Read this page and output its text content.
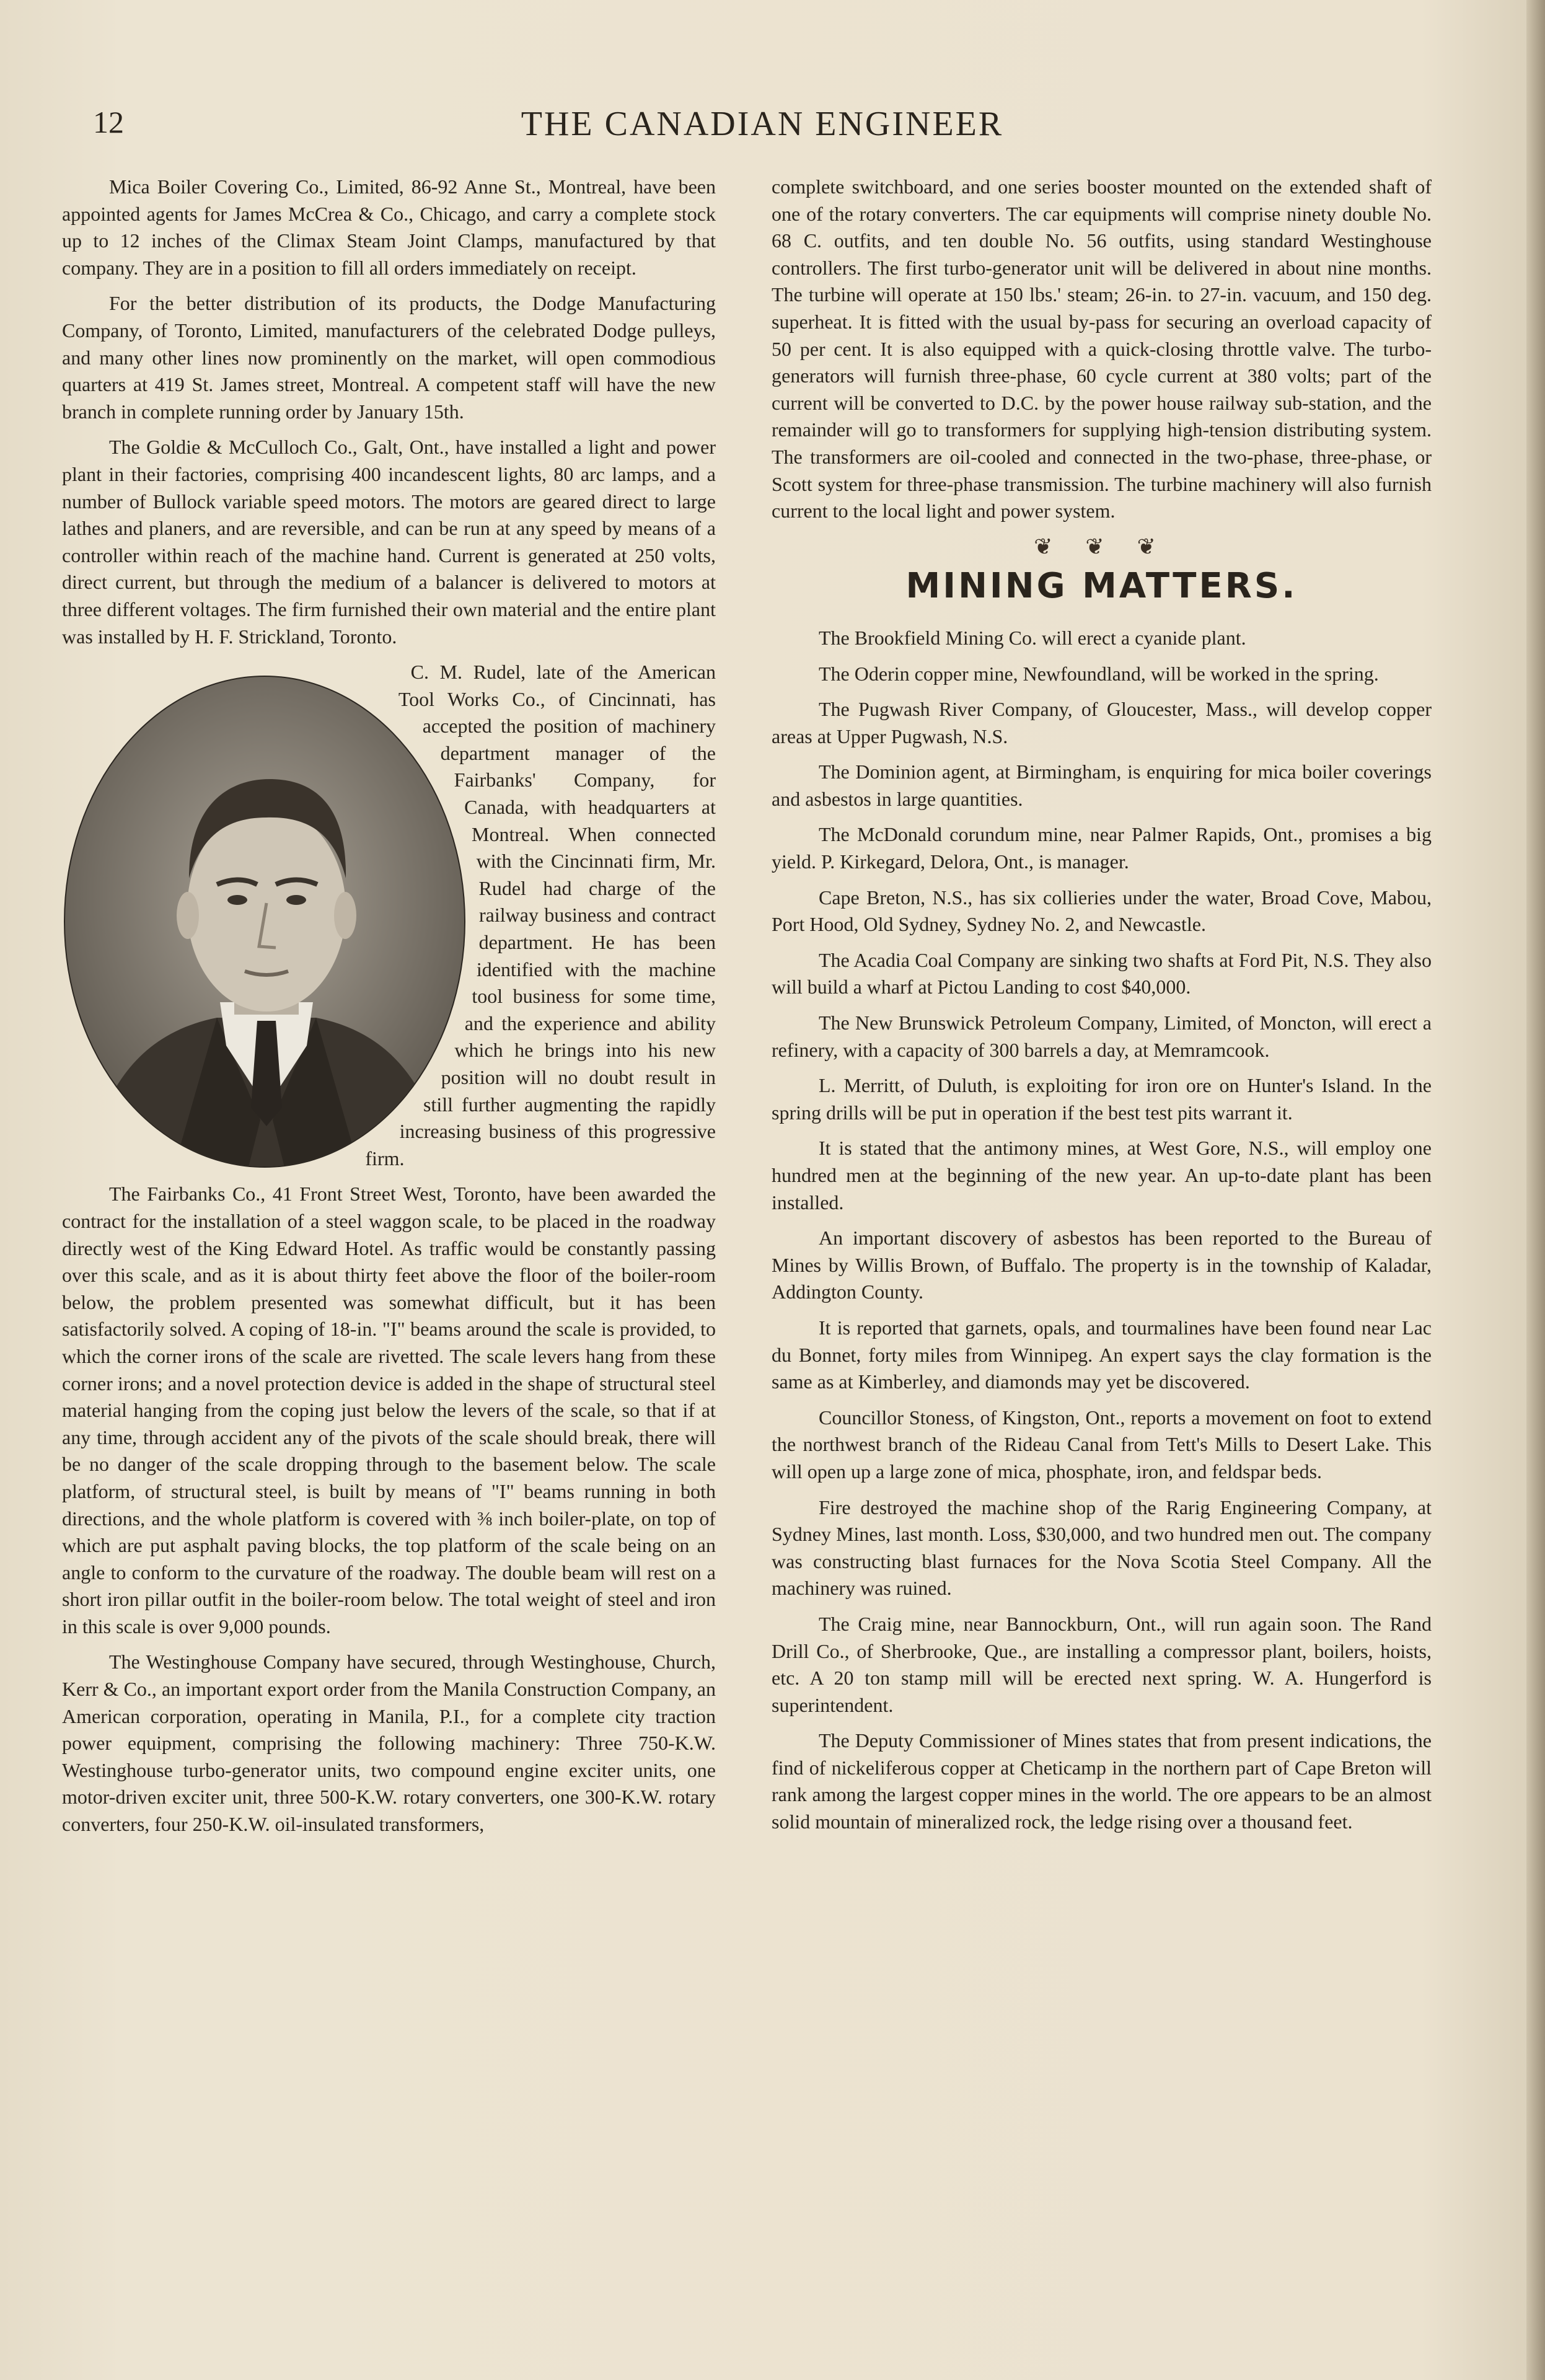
12	THE CANADIAN ENGINEER

Mica Boiler Covering Co., Limited, 86-92 Anne St., Montreal, have been appointed agents for James McCrea & Co., Chicago, and carry a complete stock up to 12 inches of the Climax Steam Joint Clamps, manufactured by that company. They are in a position to fill all orders immediately on receipt.

For the better distribution of its products, the Dodge Manufacturing Company, of Toronto, Limited, manufacturers of the celebrated Dodge pulleys, and many other lines now prominently on the market, will open commodious quarters at 419 St. James street, Montreal. A competent staff will have the new branch in complete running order by January 15th.

The Goldie & McCulloch Co., Galt, Ont., have installed a light and power plant in their factories, comprising 400 incandescent lights, 80 arc lamps, and a number of Bullock variable speed motors. The motors are geared direct to large lathes and planers, and are reversible, and can be run at any speed by means of a controller within reach of the machine hand. Current is generated at 250 volts, direct current, but through the medium of a balancer is delivered to motors at three different voltages. The firm furnished their own material and the entire plant was installed by H. F. Strickland, Toronto.

C. M. Rudel, late of the American Tool Works Co., of Cincinnati, has accepted the position of machinery department manager of the Fairbanks' Company, for Canada, with headquarters at Montreal. When connected with the Cincinnati firm, Mr. Rudel had charge of the railway business and contract department. He has been identified with the machine tool business for some time, and the experience and ability which he brings into his new position will no doubt result in still further augmenting the rapidly increasing business of this progressive firm.

The Fairbanks Co., 41 Front Street West, Toronto, have been awarded the contract for the installation of a steel waggon scale, to be placed in the roadway directly west of the King Edward Hotel. As traffic would be constantly passing over this scale, and as it is about thirty feet above the floor of the boiler-room below, the problem presented was somewhat difficult, but it has been satisfactorily solved. A coping of 18-in. "I" beams around the scale is provided, to which the corner irons of the scale are rivetted. The scale levers hang from these corner irons; and a novel protection device is added in the shape of structural steel material hanging from the coping just below the levers of the scale, so that if at any time, through accident any of the pivots of the scale should break, there will be no danger of the scale dropping through to the basement below. The scale platform, of structural steel, is built by means of "I" beams running in both directions, and the whole platform is covered with ⅜ inch boiler-plate, on top of which are put asphalt paving blocks, the top platform of the scale being on an angle to conform to the curvature of the roadway. The double beam will rest on a short iron pillar outfit in the boiler-room below. The total weight of steel and iron in this scale is over 9,000 pounds.

The Westinghouse Company have secured, through Westinghouse, Church, Kerr & Co., an important export order from the Manila Construction Company, an American corporation, operating in Manila, P.I., for a complete city traction power equipment, comprising the following machinery: Three 750-K.W. Westinghouse turbo-generator units, two compound engine exciter units, one motor-driven exciter unit, three 500-K.W. rotary converters, one 300-K.W. rotary converters, four 250-K.W. oil-insulated transformers,

complete switchboard, and one series booster mounted on the extended shaft of one of the rotary converters. The car equipments will comprise ninety double No. 68 C. outfits, and ten double No. 56 outfits, using standard Westinghouse controllers. The first turbo-generator unit will be delivered in about nine months. The turbine will operate at 150 lbs.' steam; 26-in. to 27-in. vacuum, and 150 deg. superheat. It is fitted with the usual by-pass for securing an overload capacity of 50 per cent. It is also equipped with a quick-closing throttle valve. The turbo-generators will furnish three-phase, 60 cycle current at 380 volts; part of the current will be converted to D.C. by the power house railway sub-station, and the remainder will go to transformers for supplying high-tension distributing system. The transformers are oil-cooled and connected in the two-phase, three-phase, or Scott system for three-phase transmission. The turbine machinery will also furnish current to the local light and power system.

❦ ❦ ❦
MINING MATTERS.

The Brookfield Mining Co. will erect a cyanide plant.

The Oderin copper mine, Newfoundland, will be worked in the spring.

The Pugwash River Company, of Gloucester, Mass., will develop copper areas at Upper Pugwash, N.S.

The Dominion agent, at Birmingham, is enquiring for mica boiler coverings and asbestos in large quantities.

The McDonald corundum mine, near Palmer Rapids, Ont., promises a big yield. P. Kirkegard, Delora, Ont., is manager.

Cape Breton, N.S., has six collieries under the water, Broad Cove, Mabou, Port Hood, Old Sydney, Sydney No. 2, and Newcastle.

The Acadia Coal Company are sinking two shafts at Ford Pit, N.S. They also will build a wharf at Pictou Landing to cost $40,000.

The New Brunswick Petroleum Company, Limited, of Moncton, will erect a refinery, with a capacity of 300 barrels a day, at Memramcook.

L. Merritt, of Duluth, is exploiting for iron ore on Hunter's Island. In the spring drills will be put in operation if the best test pits warrant it.

It is stated that the antimony mines, at West Gore, N.S., will employ one hundred men at the beginning of the new year. An up-to-date plant has been installed.

An important discovery of asbestos has been reported to the Bureau of Mines by Willis Brown, of Buffalo. The property is in the township of Kaladar, Addington County.

It is reported that garnets, opals, and tourmalines have been found near Lac du Bonnet, forty miles from Winnipeg. An expert says the clay formation is the same as at Kimberley, and diamonds may yet be discovered.

Councillor Stoness, of Kingston, Ont., reports a movement on foot to extend the northwest branch of the Rideau Canal from Tett's Mills to Desert Lake. This will open up a large zone of mica, phosphate, iron, and feldspar beds.

Fire destroyed the machine shop of the Rarig Engineering Company, at Sydney Mines, last month. Loss, $30,000, and two hundred men out. The company was constructing blast furnaces for the Nova Scotia Steel Company. All the machinery was ruined.

The Craig mine, near Bannockburn, Ont., will run again soon. The Rand Drill Co., of Sherbrooke, Que., are installing a compressor plant, boilers, hoists, etc. A 20 ton stamp mill will be erected next spring. W. A. Hungerford is superintendent.

The Deputy Commissioner of Mines states that from present indications, the find of nickeliferous copper at Cheticamp in the northern part of Cape Breton will rank among the largest copper mines in the world. The ore appears to be an almost solid mountain of mineralized rock, the ledge rising over a thousand feet.
